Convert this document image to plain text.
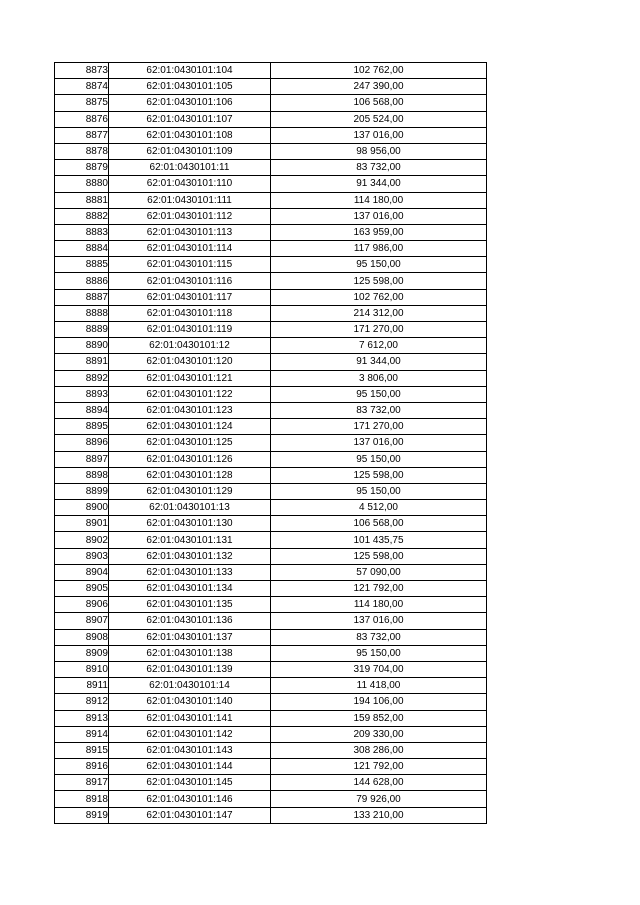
8873	62:01:0430101:104	102 762,00
8874	62:01:0430101:105	247 390,00
8875	62:01:0430101:106	106 568,00
8876	62:01:0430101:107	205 524,00
8877	62:01:0430101:108	137 016,00
8878	62:01:0430101:109	98 956,00
8879	62:01:0430101:11	83 732,00
8880	62:01:0430101:110	91 344,00
8881	62:01:0430101:111	114 180,00
8882	62:01:0430101:112	137 016,00
8883	62:01:0430101:113	163 959,00
8884	62:01:0430101:114	117 986,00
8885	62:01:0430101:115	95 150,00
8886	62:01:0430101:116	125 598,00
8887	62:01:0430101:117	102 762,00
8888	62:01:0430101:118	214 312,00
8889	62:01:0430101:119	171 270,00
8890	62:01:0430101:12	7 612,00
8891	62:01:0430101:120	91 344,00
8892	62:01:0430101:121	3 806,00
8893	62:01:0430101:122	95 150,00
8894	62:01:0430101:123	83 732,00
8895	62:01:0430101:124	171 270,00
8896	62:01:0430101:125	137 016,00
8897	62:01:0430101:126	95 150,00
8898	62:01:0430101:128	125 598,00
8899	62:01:0430101:129	95 150,00
8900	62:01:0430101:13	4 512,00
8901	62:01:0430101:130	106 568,00
8902	62:01:0430101:131	101 435,75
8903	62:01:0430101:132	125 598,00
8904	62:01:0430101:133	57 090,00
8905	62:01:0430101:134	121 792,00
8906	62:01:0430101:135	114 180,00
8907	62:01:0430101:136	137 016,00
8908	62:01:0430101:137	83 732,00
8909	62:01:0430101:138	95 150,00
8910	62:01:0430101:139	319 704,00
8911	62:01:0430101:14	11 418,00
8912	62:01:0430101:140	194 106,00
8913	62:01:0430101:141	159 852,00
8914	62:01:0430101:142	209 330,00
8915	62:01:0430101:143	308 286,00
8916	62:01:0430101:144	121 792,00
8917	62:01:0430101:145	144 628,00
8918	62:01:0430101:146	79 926,00
8919	62:01:0430101:147	133 210,00
